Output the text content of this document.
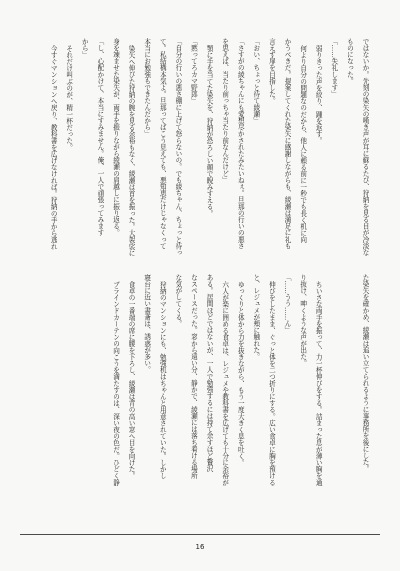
ではないか。先刻の染矢の嘆き声が耳に蘇るたび、狩納を見る目が冷淡な

ものになった。

「……失礼します」

弱りきった声を絞り、踵を返す。

何より自分の問題なのだから、他人に頼る前に一秒でも長く机に向

かうべきだ。提案してくれた染矢に感謝しながらも、綾瀬は満足に礼も

言えず扉を目指した。

「おい、ちょっと待て綾瀬」

「さすがの綾ちゃんにも愛想尽かされたみたいねぇ。旦那の行いの悪さ

を思えば、当たり前っちゃ当たり前なんだけど」

顎に手を当てた染矢を、狩納が恐ろしい顔で睨みすえる。

「黙ってろカマ野郎」

「自分の行いの悪さ棚に上げて怒らないの。でも綾ちゃん、ちょっと待っ

て。私結構本気よ。旦那ってばこう見えても、悪知恵だけじゃなくって

本当にお勉強もできたんだから」

染矢へ伸びた狩納の腕を見る余裕もなく、綾瀬は首を振った。大袈裟に

身を竦ませた染矢が、両手を振りながら綾瀬の肩越しに振り返る。

「し、心配かけて、本当にすみません。俺、一人で頑張ってみます

から」

それだけ叫ぶのが、精一杯だった。

今すぐマンションへ戻り、教科書を広げなければ。狩納の手から逃れ

た染矢を確かめ、綾瀬は追い立てられるように事務所を後にした。

ちいさな両手を振って、力一杯伸びをする。詰まった息が薄い胸を通

り抜け、呻くような声が出た。

「……うう……ん」

伸びをしたまま、ぐっと体を二つ折りにする。広い食卓に胸を預ける

と、レジュメが頬に触れた。

ゆっくりと体から力を抜きながら、もう一度大きく息を吐く。

六人が楽に囲める食卓は、レジュメや教科書を広げても十分に余裕が

ある。居間ほどではないが、一人で勉強するには持て余すほど贅沢

なスペースだった。窓から遠い分、静かで、綾瀬には落ち着ける場所

な気がしてくる。

狩納のマンションにも、勉強机はちゃんと用意されていた。しかし

寝台に近い書斎は、誘惑が多い。

食卓の一番端の席に腰を下ろし、綾瀬は背の高い窓へ目を向けた。

ブラインドカーテンの向こうを満たすのは、深い夜の色だ。ひどく静

16
